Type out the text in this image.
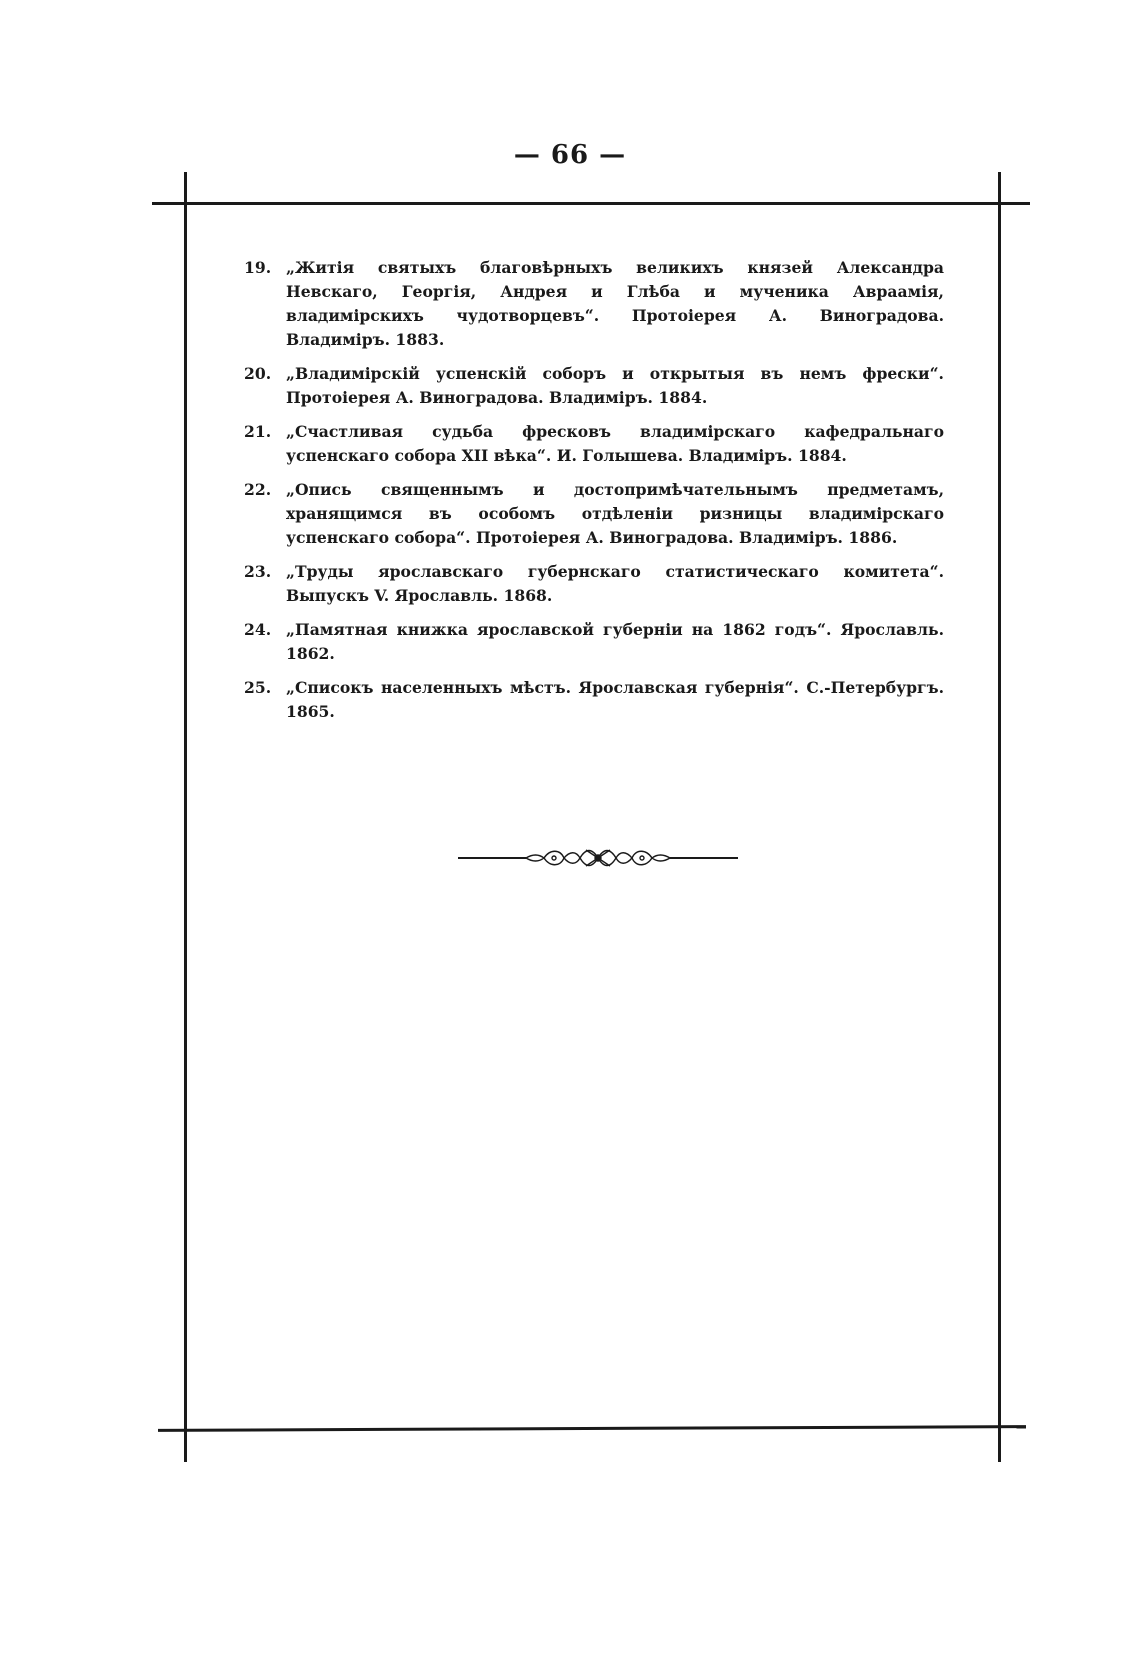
— 66 —
19. „Житія святыхъ благовѣрныхъ великихъ князей Александра Невскаго, Георгія, Андрея и Глѣба и мученика Авраамія, владимірскихъ чудотворцевъ“. Протоіерея А. Виноградова. Владиміръ. 1883.
20. „Владимірскій успенскій соборъ и открытыя въ немъ фрески“. Протоіерея А. Виноградова. Владиміръ. 1884.
21. „Счастливая судьба фресковъ владимірскаго кафедральнаго успенскаго собора XII вѣка“. И. Голышева. Владиміръ. 1884.
22. „Опись священнымъ и достопримѣчательнымъ предметамъ, хранящимся въ особомъ отдѣленіи ризницы владимірскаго успенскаго собора“. Протоіерея А. Виноградова. Владиміръ. 1886.
23. „Труды ярославскаго губернскаго статистическаго комитета“. Выпускъ V. Ярославль. 1868.
24. „Памятная книжка ярославской губерніи на 1862 годъ“. Ярославль. 1862.
25. „Списокъ населенныхъ мѣстъ. Ярославская губернія“. С.-Петербургъ. 1865.
